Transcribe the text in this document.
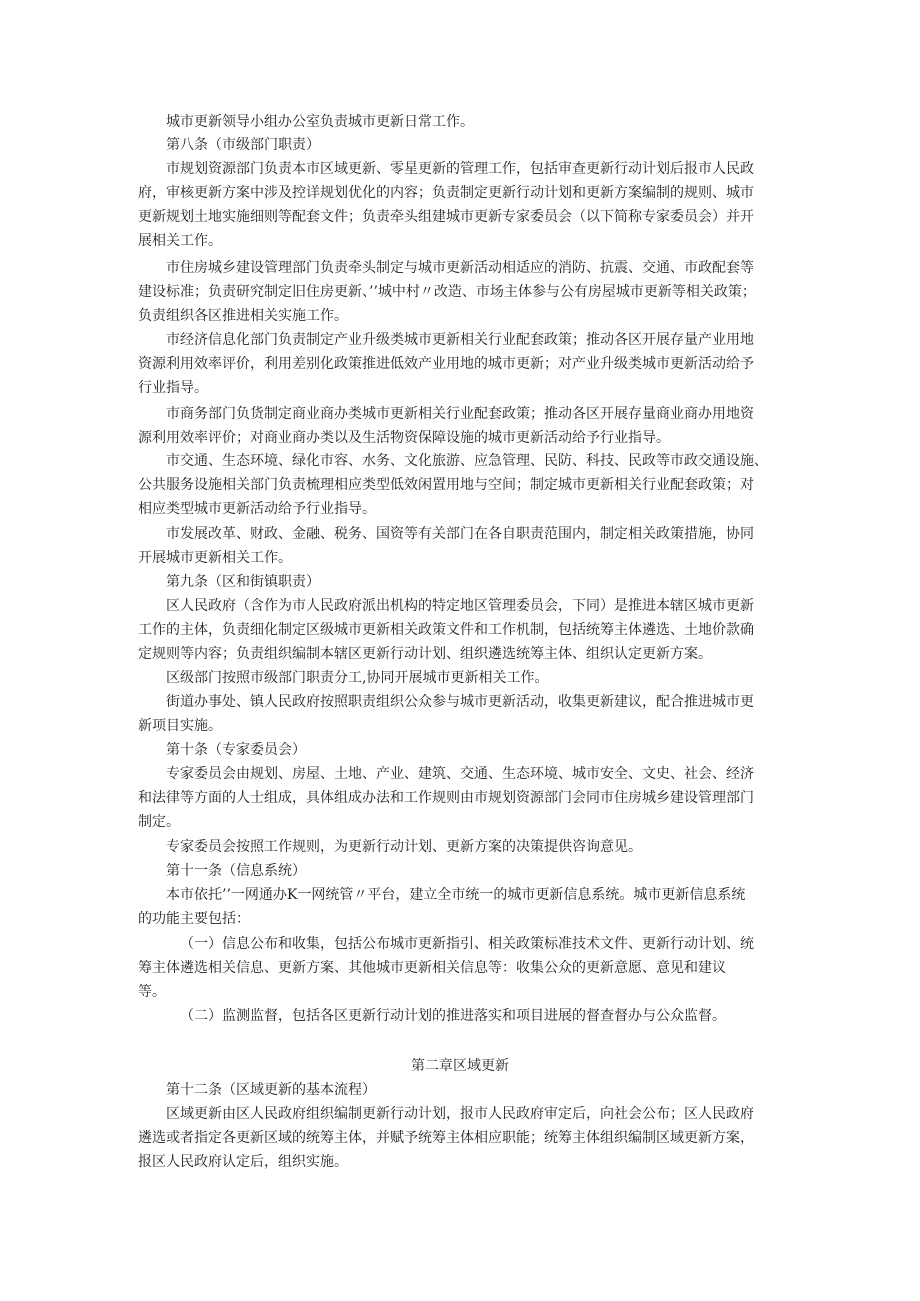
城市更新领导小组办公室负责城市更新日常工作。
第八条（市级部门职责）
市规划资源部门负责本市区域更新、零星更新的管理工作，包括审查更新行动计划后报市人民政
府，审核更新方案中涉及控详规划优化的内容；负责制定更新行动计划和更新方案编制的规则、城市
更新规划土地实施细则等配套文件；负责牵头组建城市更新专家委员会（以下简称专家委员会）并开
展相关工作。
市住房城乡建设管理部门负责牵头制定与城市更新活动相适应的消防、抗震、交通、市政配套等
建设标准；负责研究制定旧住房更新、’’城中村〃改造、市场主体参与公有房屋城市更新等相关政策；
负责组织各区推进相关实施工作。
市经济信息化部门负责制定产业升级类城市更新相关行业配套政策；推动各区开展存量产业用地
资源利用效率评价，利用差别化政策推进低效产业用地的城市更新；对产业升级类城市更新活动给予
行业指导。
市商务部门负货制定商业商办类城市更新相关行业配套政策；推动各区开展存量商业商办用地资
源利用效率评价；对商业商办类以及生活物资保障设施的城市更新活动给予行业指导。
市交通、生态环境、绿化市容、水务、文化旅游、应急管理、民防、科技、民政等市政交通设施、
公共服务设施相关部门负责梳理相应类型低效闲置用地与空间；制定城市更新相关行业配套政策；对
相应类型城市更新活动给予行业指导。
市发展改革、财政、金融、税务、国资等有关部门在各自职责范围内，制定相关政策措施，协同
开展城市更新相关工作。
第九条（区和街镇职责）
区人民政府（含作为市人民政府派出机构的特定地区管理委员会，下同）是推进本辖区城市更新
工作的主体，负责细化制定区级城市更新相关政策文件和工作机制，包括统筹主体遴选、土地价款确
定规则等内容；负责组织编制本辖区更新行动计划、组织遴选统筹主体、组织认定更新方案。
区级部门按照市级部门职责分工,协同开展城市更新相关工作。
街道办事处、镇人民政府按照职责组织公众参与城市更新活动，收集更新建议，配合推进城市更
新项目实施。
第十条（专家委员会）
专家委员会由规划、房屋、土地、产业、建筑、交通、生态环境、城市安全、文史、社会、经济
和法律等方面的人士组成，具体组成办法和工作规则由市规划资源部门会同市住房城乡建设管理部门
制定。
专家委员会按照工作规则，为更新行动计划、更新方案的决策提供咨询意见。
第十一条（信息系统）
本市依托’’一网通办K一网统管〃平台，建立全市统一的城市更新信息系统。城市更新信息系统
的功能主要包括：
（一）信息公布和收集，包括公布城市更新指引、相关政策标准技术文件、更新行动计划、统
筹主体遴选相关信息、更新方案、其他城市更新相关信息等：收集公众的更新意愿、意见和建议
等。
（二）监测监督，包括各区更新行动计划的推进落实和项目进展的督查督办与公众监督。
第二章区域更新
第十二条（区域更新的基本流程）
区域更新由区人民政府组织编制更新行动计划，报市人民政府审定后，向社会公布；区人民政府
遴选或者指定各更新区域的统筹主体，并赋予统筹主体相应职能；统筹主体组织编制区域更新方案，
报区人民政府认定后，组织实施。
